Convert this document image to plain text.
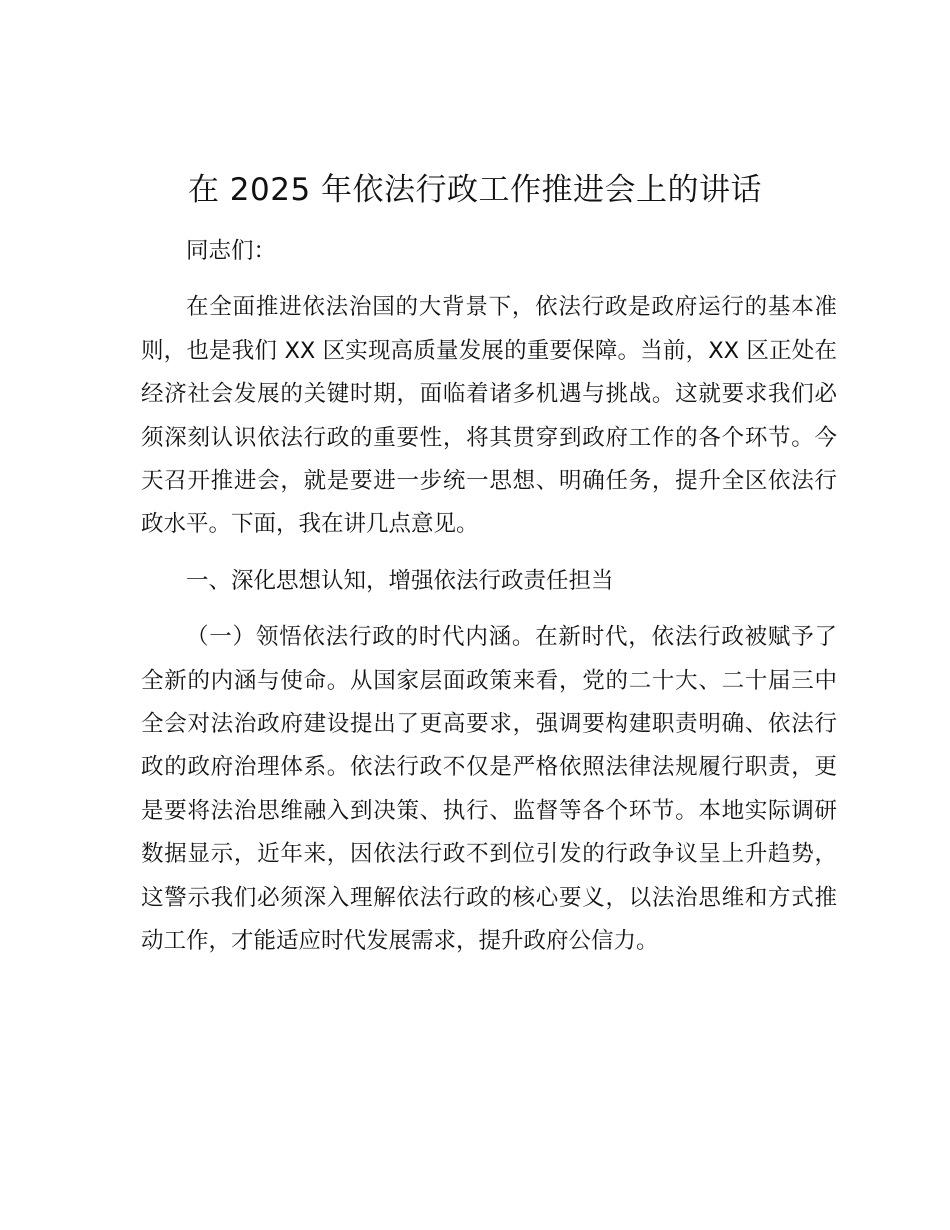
在 2025 年依法行政工作推进会上的讲话

同志们：

在全面推进依法治国的大背景下，依法行政是政府运行的基本准则，也是我们 XX 区实现高质量发展的重要保障。当前，XX 区正处在经济社会发展的关键时期，面临着诸多机遇与挑战。这就要求我们必须深刻认识依法行政的重要性，将其贯穿到政府工作的各个环节。今天召开推进会，就是要进一步统一思想、明确任务，提升全区依法行政水平。下面，我在讲几点意见。

一、深化思想认知，增强依法行政责任担当

（一）领悟依法行政的时代内涵。在新时代，依法行政被赋予了全新的内涵与使命。从国家层面政策来看，党的二十大、二十届三中全会对法治政府建设提出了更高要求，强调要构建职责明确、依法行政的政府治理体系。依法行政不仅是严格依照法律法规履行职责，更是要将法治思维融入到决策、执行、监督等各个环节。本地实际调研数据显示，近年来，因依法行政不到位引发的行政争议呈上升趋势，这警示我们必须深入理解依法行政的核心要义，以法治思维和方式推动工作，才能适应时代发展需求，提升政府公信力。
